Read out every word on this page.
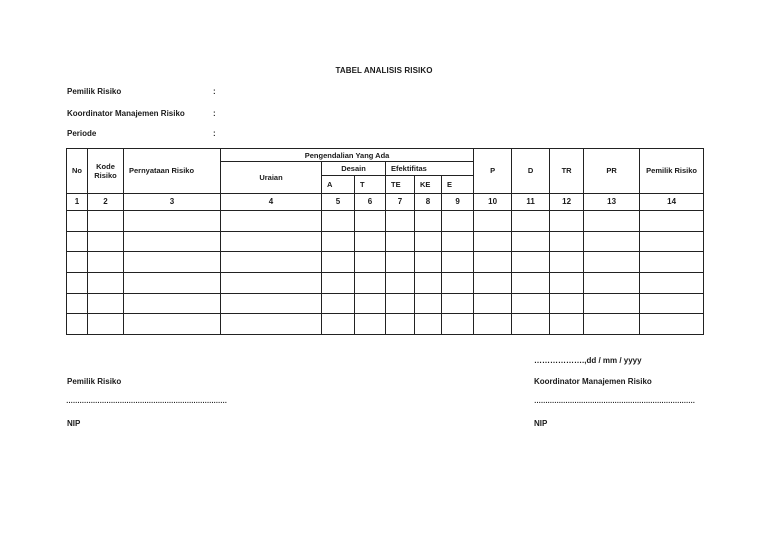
TABEL ANALISIS RISIKO
Pemilik Risiko	:
Koordinator Manajemen Risiko	:
Periode	:
No	Kode Risiko	Pernyataan Risiko	Pengendalian Yang Ada						P	D	TR	PR	Pemilik Risiko
			Uraian	Desain		Efektifitas							
				A	T	TE	KE	E					
1	2	3	4	5	6	7	8	9	10	11	12	13	14

……………….,dd / mm / yyyy
Pemilik Risiko	Koordinator Manajemen Risiko
………………………………………………………………	………………………………………………………………
NIP	NIP
